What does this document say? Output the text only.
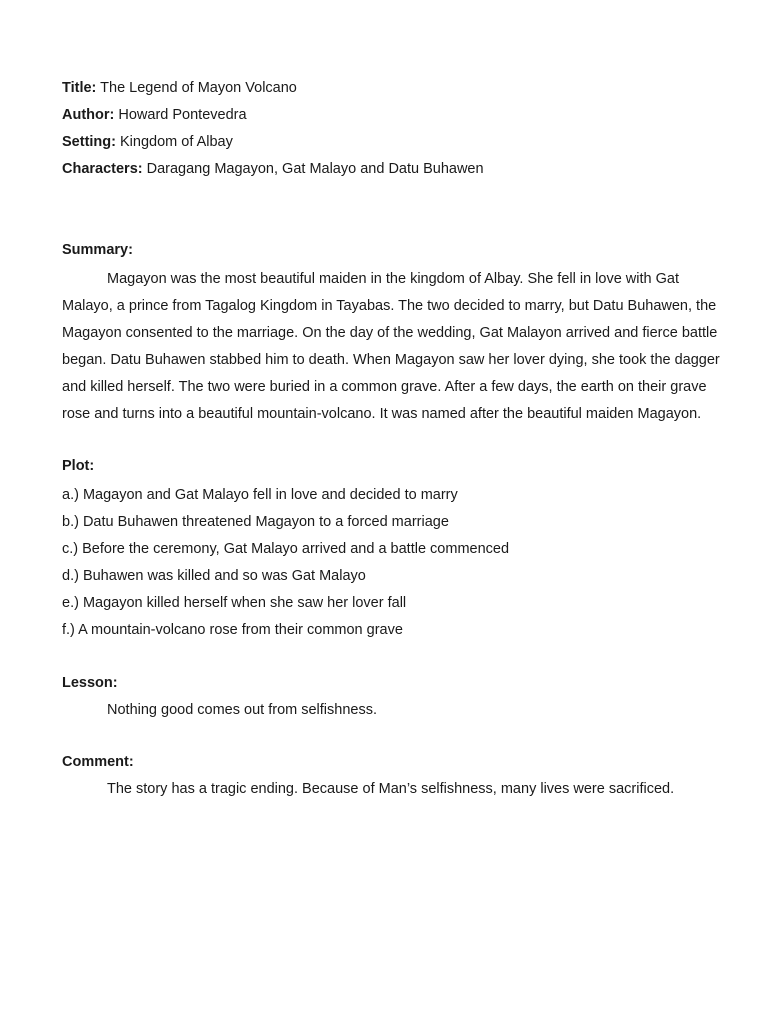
Title: The Legend of Mayon Volcano
Author: Howard Pontevedra
Setting: Kingdom of Albay
Characters: Daragang Magayon, Gat Malayo and Datu Buhawen
Summary:

Magayon was the most beautiful maiden in the kingdom of Albay. She fell in love with Gat Malayo, a prince from Tagalog Kingdom in Tayabas. The two decided to marry, but Datu Buhawen, the Magayon consented to the marriage. On the day of the wedding, Gat Malayon arrived and fierce battle began. Datu Buhawen stabbed him to death. When Magayon saw her lover dying, she took the dagger and killed herself. The two were buried in a common grave. After a few days, the earth on their grave rose and turns into a beautiful mountain-volcano. It was named after the beautiful maiden Magayon.

Plot:
a.) Magayon and Gat Malayo fell in love and decided to marry
b.) Datu Buhawen threatened Magayon to a forced marriage
c.) Before the ceremony, Gat Malayo arrived and a battle commenced
d.) Buhawen was killed and so was Gat Malayo
e.) Magayon killed herself when she saw her lover fall
f.) A mountain-volcano rose from their common grave
Lesson:
Nothing good comes out from selfishness.
Comment:
The story has a tragic ending. Because of Man’s selfishness, many lives were sacrificed.
